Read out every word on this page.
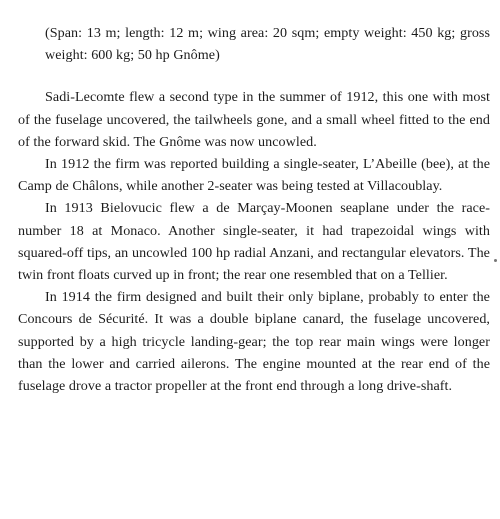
(Span: 13 m; length: 12 m; wing area: 20 sqm; empty weight: 450 kg; gross weight: 600 kg; 50 hp Gnôme)

Sadi-Lecomte flew a second type in the summer of 1912, this one with most of the fuselage uncovered, the tailwheels gone, and a small wheel fitted to the end of the forward skid. The Gnôme was now uncowled.

In 1912 the firm was reported building a single-seater, L’Abeille (bee), at the Camp de Châlons, while another 2-seater was being tested at Villacoublay.

In 1913 Bielovucic flew a de Marçay-Moonen seaplane under the race-number 18 at Monaco. Another single-seater, it had trapezoidal wings with squared-off tips, an uncowled 100 hp radial Anzani, and rectangular elevators. The twin front floats curved up in front; the rear one resembled that on a Tellier.

In 1914 the firm designed and built their only biplane, probably to enter the Concours de Sécurité. It was a double biplane canard, the fuselage uncovered, supported by a high tricycle landing-gear; the top rear main wings were longer than the lower and carried ailerons. The engine mounted at the rear end of the fuselage drove a tractor propeller at the front end through a long drive-shaft.
